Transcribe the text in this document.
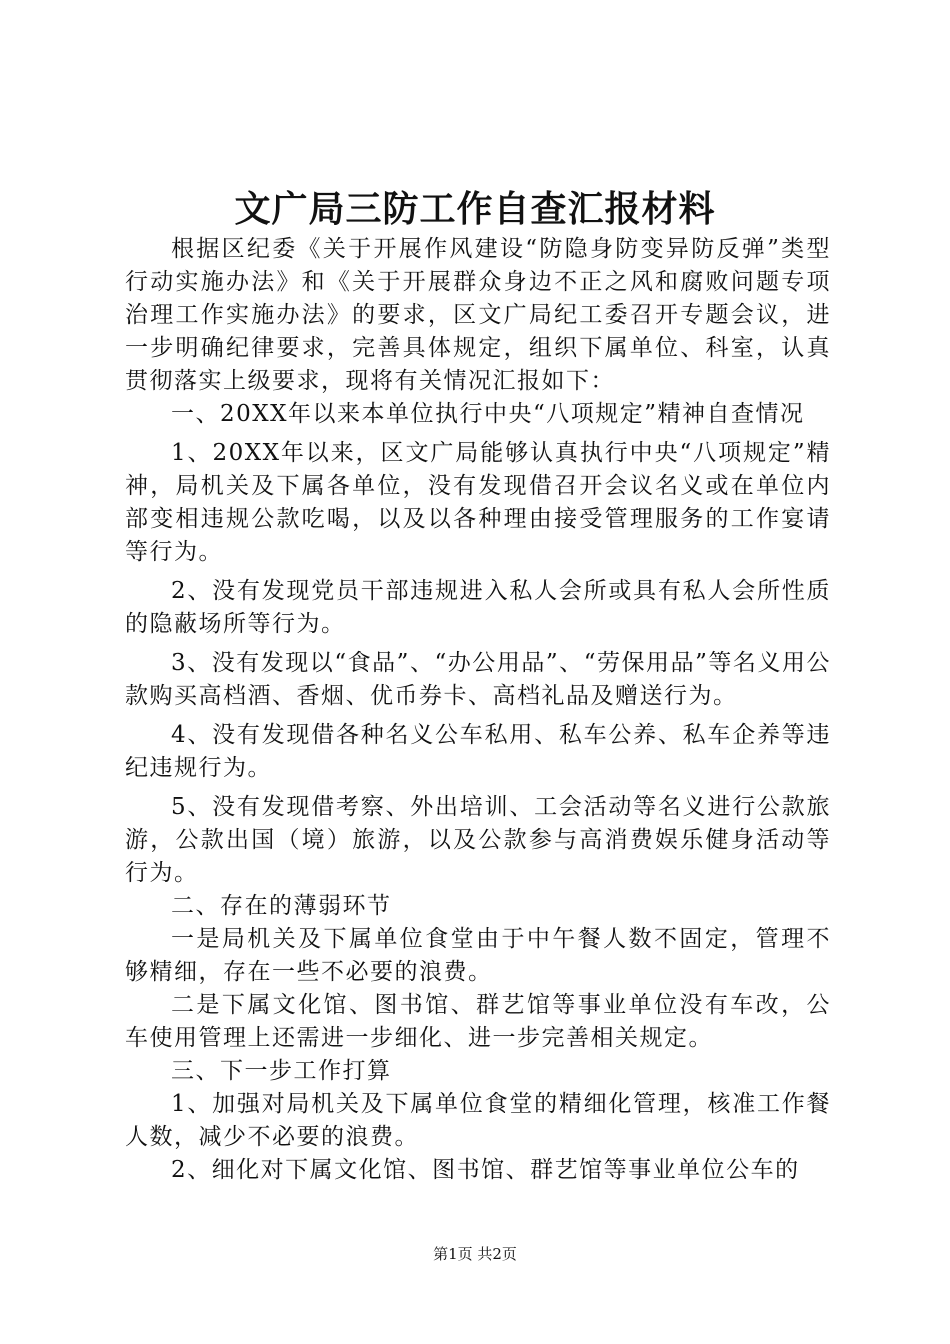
文广局三防工作自查汇报材料

根据区纪委《关于开展作风建设“防隐身防变异防反弹”类型行动实施办法》和《关于开展群众身边不正之风和腐败问题专项治理工作实施办法》的要求，区文广局纪工委召开专题会议，进一步明确纪律要求，完善具体规定，组织下属单位、科室，认真贯彻落实上级要求，现将有关情况汇报如下：

一、20XX年以来本单位执行中央“八项规定”精神自查情况

1、20XX年以来，区文广局能够认真执行中央“八项规定”精神，局机关及下属各单位，没有发现借召开会议名义或在单位内部变相违规公款吃喝，以及以各种理由接受管理服务的工作宴请等行为。

2、没有发现党员干部违规进入私人会所或具有私人会所性质的隐蔽场所等行为。

3、没有发现以“食品”、“办公用品”、“劳保用品”等名义用公款购买高档酒、香烟、优币券卡、高档礼品及赠送行为。

4、没有发现借各种名义公车私用、私车公养、私车企养等违纪违规行为。

5、没有发现借考察、外出培训、工会活动等名义进行公款旅游，公款出国（境）旅游，以及公款参与高消费娱乐健身活动等行为。

二、存在的薄弱环节

一是局机关及下属单位食堂由于中午餐人数不固定，管理不够精细，存在一些不必要的浪费。

二是下属文化馆、图书馆、群艺馆等事业单位没有车改，公车使用管理上还需进一步细化、进一步完善相关规定。

三、下一步工作打算

1、加强对局机关及下属单位食堂的精细化管理，核准工作餐人数，减少不必要的浪费。

2、细化对下属文化馆、图书馆、群艺馆等事业单位公车的

第1页 共2页
